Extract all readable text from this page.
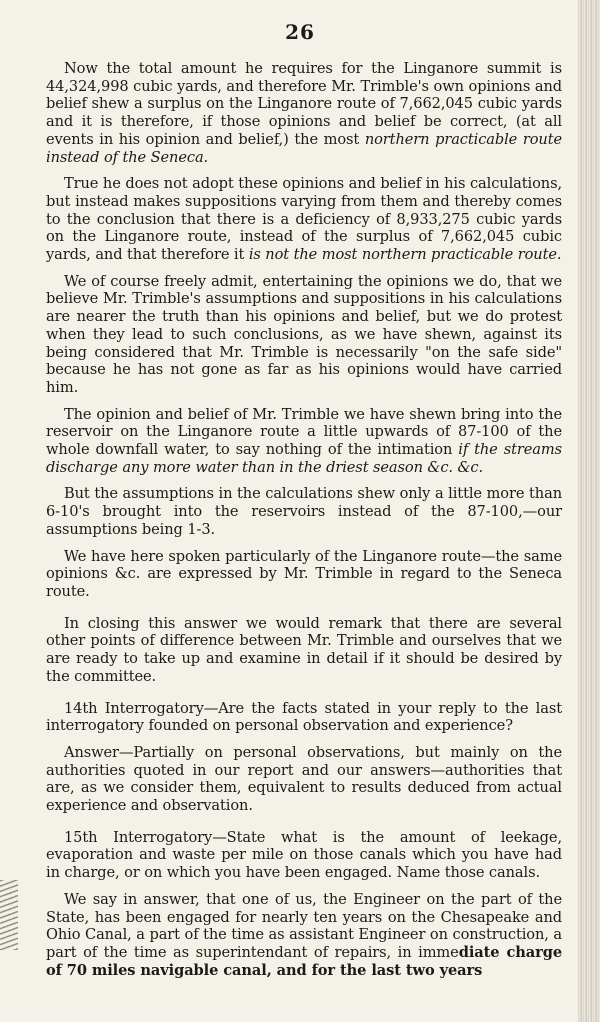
26

Now the total amount he requires for the Linganore summit is 44,324,998 cubic yards, and therefore Mr. Trimble's own opinions and belief shew a surplus on the Linganore route of 7,662,045 cubic yards and it is therefore, if those opinions and belief be correct, (at all events in his opinion and belief,) the most northern practicable route instead of the Seneca.

True he does not adopt these opinions and belief in his calculations, but instead makes suppositions varying from them and thereby comes to the conclusion that there is a deficiency of 8,933,275 cubic yards on the Linganore route, instead of the surplus of 7,662,045 cubic yards, and that therefore it is not the most northern practicable route.

We of course freely admit, entertaining the opinions we do, that we believe Mr. Trimble's assumptions and suppositions in his calculations are nearer the truth than his opinions and belief, but we do protest when they lead to such conclusions, as we have shewn, against its being considered that Mr. Trimble is necessarily "on the safe side" because he has not gone as far as his opinions would have carried him.

The opinion and belief of Mr. Trimble we have shewn bring into the reservoir on the Linganore route a little upwards of 87-100 of the whole downfall water, to say nothing of the intimation if the streams discharge any more water than in the driest season &c. &c.

But the assumptions in the calculations shew only a little more than 6-10's brought into the reservoirs instead of the 87-100,—our assumptions being 1-3.

We have here spoken particularly of the Linganore route—the same opinions &c. are expressed by Mr. Trimble in regard to the Seneca route.

In closing this answer we would remark that there are several other points of difference between Mr. Trimble and ourselves that we are ready to take up and examine in detail if it should be desired by the committee.

14th Interrogatory—Are the facts stated in your reply to the last interrogatory founded on personal observation and experience?

Answer—Partially on personal observations, but mainly on the authorities quoted in our report and our answers—authorities that are, as we consider them, equivalent to results deduced from actual experience and observation.

15th Interrogatory—State what is the amount of leekage, evaporation and waste per mile on those canals which you have had in charge, or on which you have been engaged. Name those canals.

We say in answer, that one of us, the Engineer on the part of the State, has been engaged for nearly ten years on the Chesapeake and Ohio Canal, a part of the time as assistant Engineer on construction, a part of the time as superintendant of repairs, in immediate charge of 70 miles navigable canal, and for the last two years
